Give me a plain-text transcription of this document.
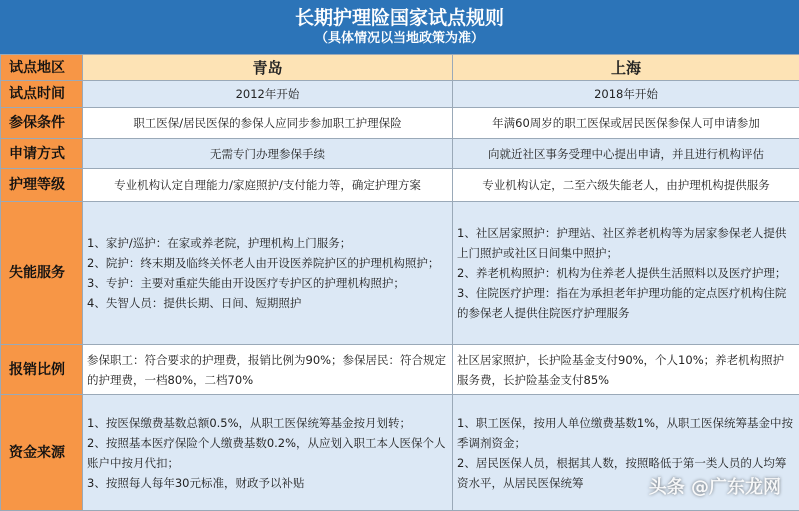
长期护理险国家试点规则
（具体情况以当地政策为准）
试点地区	青岛	上海
试点时间	2012年开始	2018年开始
参保条件	职工医保/居民医保的参保人应同步参加职工护理保险	年满60周岁的职工医保或居民医保参保人可申请参加
申请方式	无需专门办理参保手续	向就近社区事务受理中心提出申请，并且进行机构评估
护理等级	专业机构认定自理能力/家庭照护/支付能力等，确定护理方案	专业机构认定，二至六级失能老人，由护理机构提供服务
失能服务	1、家护/巡护：在家或养老院，护理机构上门服务；
2、院护：终末期及临终关怀老人由开设医养院护区的护理机构照护；
3、专护：主要对重症失能由开设医疗专护区的护理机构照护；
4、失智人员：提供长期、日间、短期照护	1、社区居家照护：护理站、社区养老机构等为居家参保老人提供上门照护或社区日间集中照护；
2、养老机构照护：机构为住养老人提供生活照料以及医疗护理；
3、住院医疗护理：指在为承担老年护理功能的定点医疗机构住院的参保老人提供住院医疗护理服务

报销比例	参保职工：符合要求的护理费，报销比例为90%；参保居民：符合规定的护理费，一档80%，二档70%	社区居家照护，长护险基金支付90%，个人10%；养老机构照护服务费，长护险基金支付85%
资金来源	1、按医保缴费基数总额0.5%，从职工医保统筹基金按月划转；
2、按照基本医疗保险个人缴费基数0.2%，从应划入职工本人医保个人账户中按月代扣；
3、按照每人每年30元标准，财政予以补贴	1、职工医保，按用人单位缴费基数1%，从职工医保统筹基金中按季调剂资金；
2、居民医保人员，根据其人数，按照略低于第一类人员的人均筹资水平，从居民医保统筹	头条 @广东龙网
